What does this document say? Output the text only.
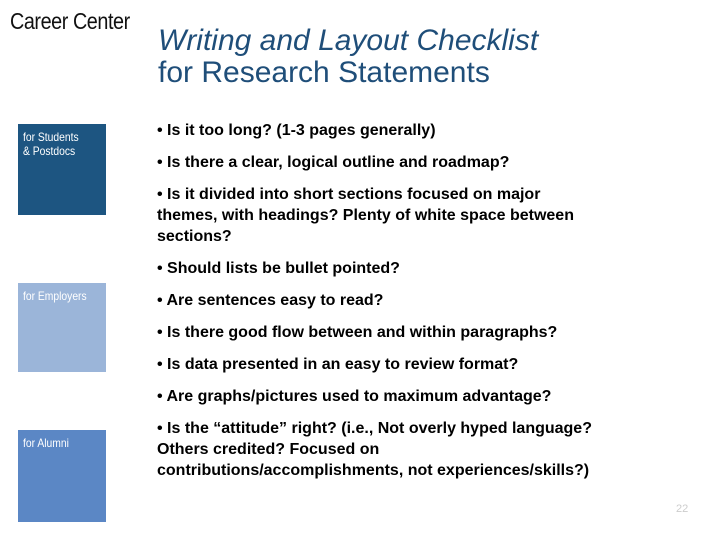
Career Center
Writing and Layout Checklist
for Research Statements
for Students
& Postdocs
for Employers
for Alumni
• Is it too long? (1-3 pages generally)
• Is there a clear, logical outline and roadmap?
• Is it divided into short sections focused on major
themes, with headings? Plenty of white space between
sections?
• Should lists be bullet pointed?
• Are sentences easy to read?
• Is there good flow between and within paragraphs?
• Is data presented in an easy to review format?
• Are graphs/pictures used to maximum advantage?
• Is the “attitude” right? (i.e., Not overly hyped language?
Others credited? Focused on
contributions/accomplishments, not experiences/skills?)
22
